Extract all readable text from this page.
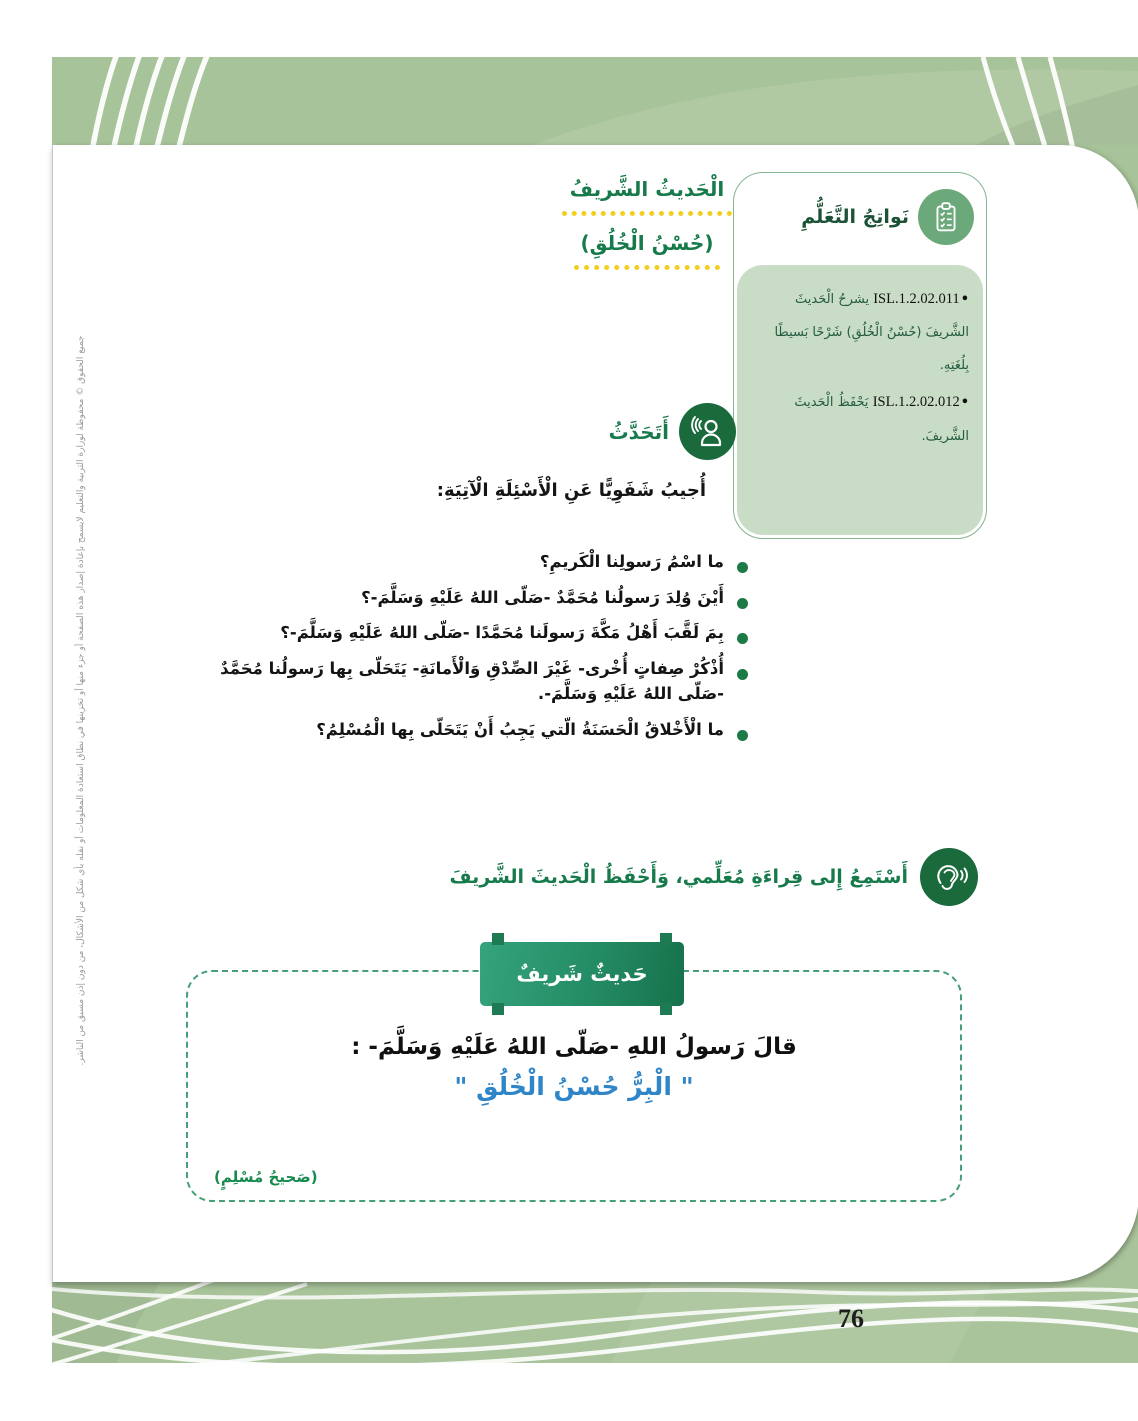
جميع الحقوق © محفوظة لوزارة التربية والتعليم لايسمح بإعادة إصدار هذه الصفحة أو جزء منها أو تخزينها في نطاق استعادة المعلومات أو نقله بأي شكل من الأشكال، من دون إذن مسبق من الناشر.
الْحَديثُ الشَّريفُ
(حُسْنُ الْخُلُقِ)
نَواتِجُ التَّعَلُّمِ
• ISL.1.2.02.011 يشرحُ الْحَديثَ الشَّريفَ (حُسْنُ الْخُلُقِ) شَرْحًا بَسيطًا بِلُغَتِهِ.
• ISL.1.2.02.012 يَحْفَظُ الْحَديثَ الشَّريفَ.
أَتَحَدَّثُ
أُجيبُ شَفَوِيًّا عَنِ الْأَسْئِلَةِ الْآتِيَةِ:
ما اسْمُ رَسولِنا الْكَريمِ؟
أَيْنَ وُلِدَ رَسولُنا مُحَمَّدٌ -صَلّى اللهُ عَلَيْهِ وَسَلَّمَ-؟
بِمَ لَقَّبَ أَهْلُ مَكَّةَ رَسولَنا مُحَمَّدًا -صَلّى اللهُ عَلَيْهِ وَسَلَّمَ-؟
أُذْكُرْ صِفاتٍ أُخْرى- غَيْرَ الصِّدْقِ وَالْأَمانَةِ- يَتَحَلّى بِها رَسولُنا مُحَمَّدٌ -صَلّى اللهُ عَلَيْهِ وَسَلَّمَ-.
ما الْأَخْلاقُ الْحَسَنَةُ الّتي يَجِبُ أَنْ يَتَحَلّى بِها الْمُسْلِمُ؟
أَسْتَمِعُ إِلى قِراءَةِ مُعَلِّمي، وَأَحْفَظُ الْحَديثَ الشَّريفَ
حَديثٌ شَريفٌ
قالَ رَسولُ اللهِ -صَلّى اللهُ عَلَيْهِ وَسَلَّمَ- :
" الْبِرُّ حُسْنُ الْخُلُقِ "
(صَحيحُ مُسْلِمٍ)
76
